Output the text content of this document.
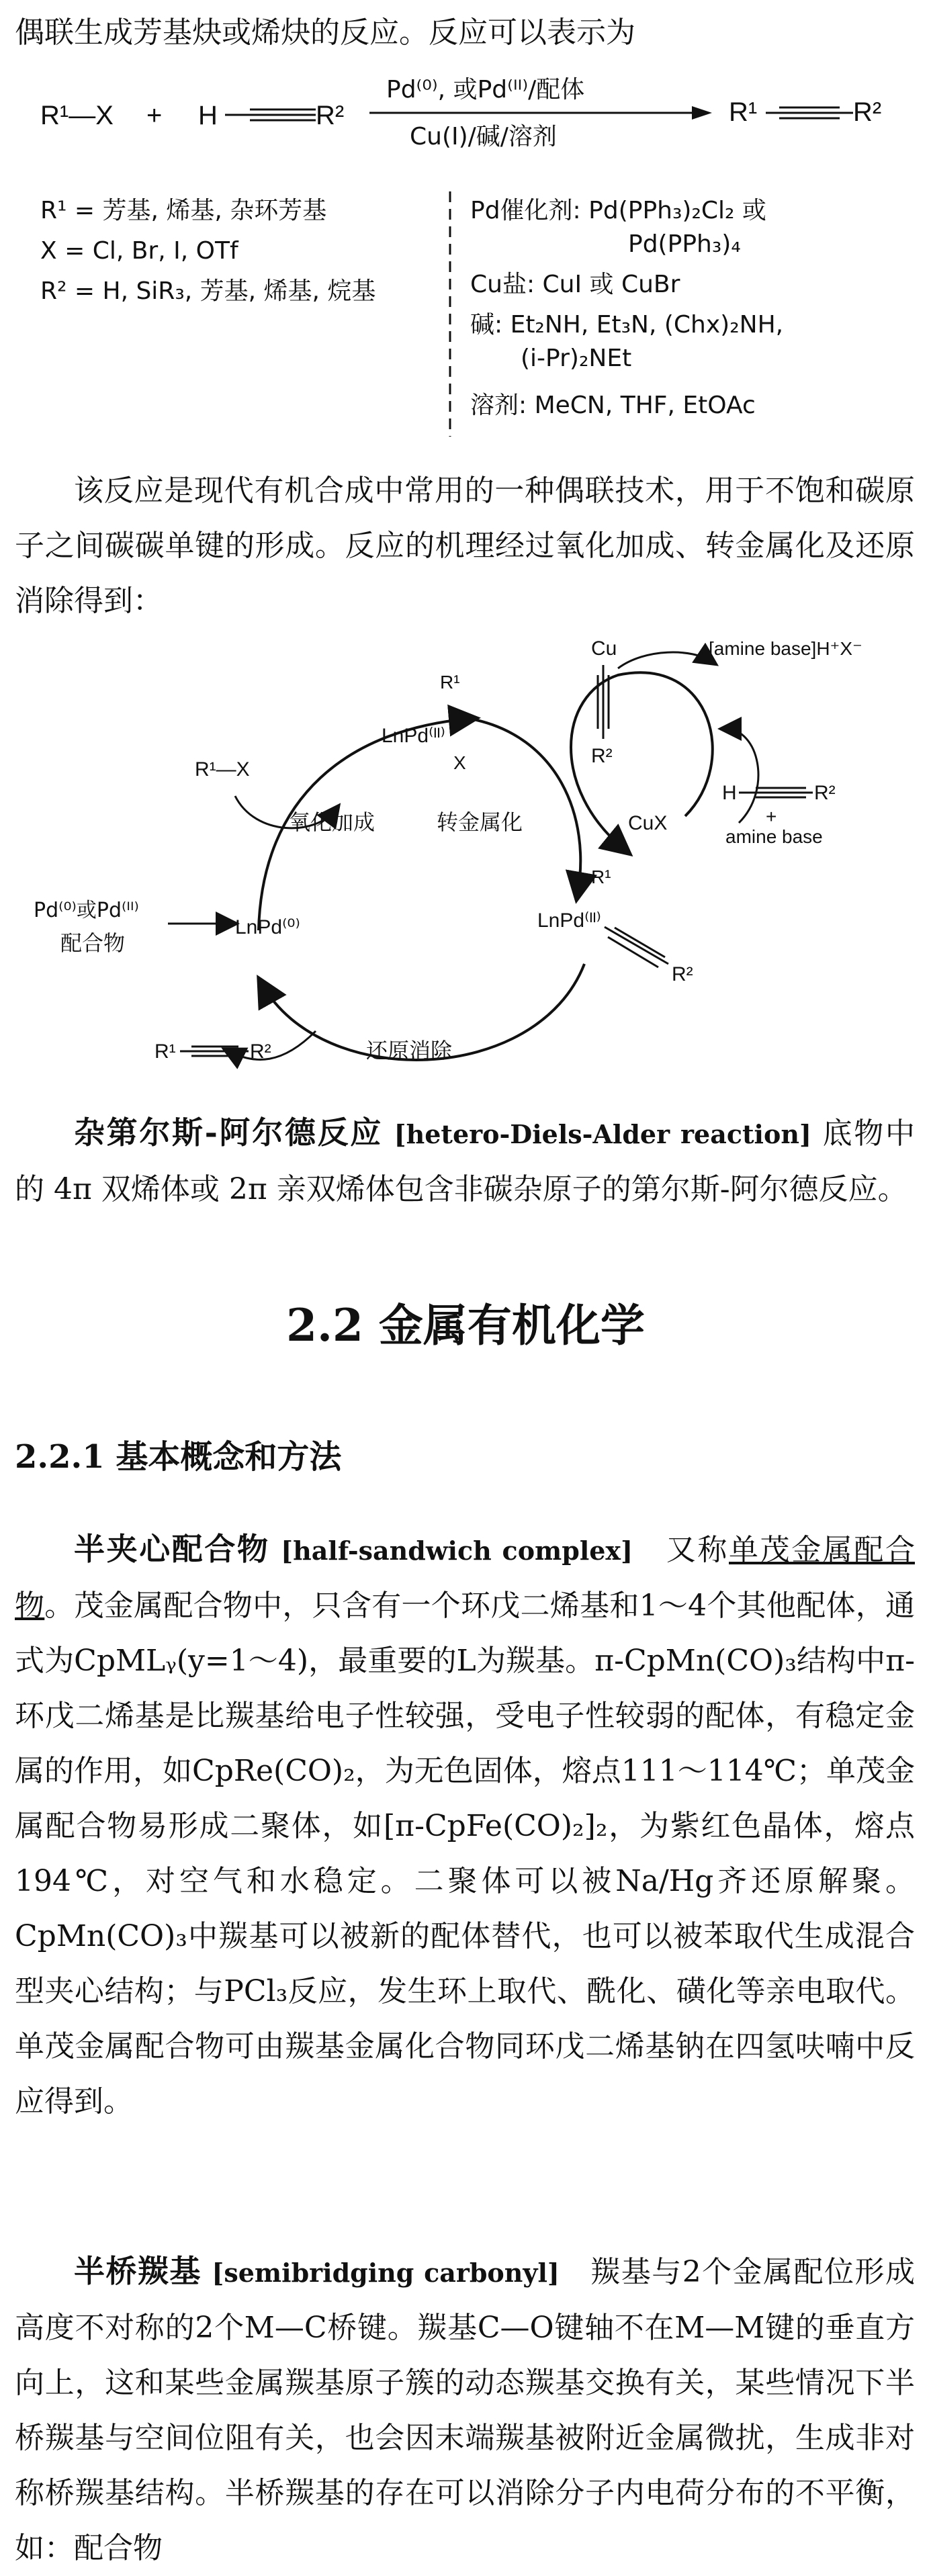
偶联生成芳基炔或烯炔的反应。反应可以表示为

R¹—X + H	R²
Pd⁽⁰⁾, 或Pd⁽ᴵᴵ⁾/配体
Cu(Ⅰ)/碱/溶剂
R¹	R²
R¹ = 芳基, 烯基, 杂环芳基
X = Cl, Br, I, OTf
R² = H, SiR₃, 芳基, 烯基, 烷基
Pd催化剂: Pd(PPh₃)₂Cl₂ 或
Pd(PPh₃)₄
Cu盐: CuI 或 CuBr
碱: Et₂NH, Et₃N, (Chx)₂NH,
(i-Pr)₂NEt
溶剂: MeCN, THF, EtOAc

该反应是现代有机合成中常用的一种偶联技术，用于不饱和碳原子之间碳碳单键的形成。反应的机理经过氧化加成、转金属化及还原消除得到：

Cu
R²
[amine base]H⁺X⁻
R¹—X
R¹
LnPd⁽ᴵᴵ⁾
X
氧化加成	转金属化	CuX
H	R²
+
amine base
Pd⁽⁰⁾或Pd⁽ᴵᴵ⁾
配合物
LnPd⁽⁰⁾
R¹
LnPd⁽ᴵᴵ⁾
R²
还原消除
R¹	R²

杂第尔斯-阿尔德反应 [hetero-Diels-Alder reaction] 底物中的 4π 双烯体或 2π 亲双烯体包含非碳杂原子的第尔斯-阿尔德反应。

2.2 金属有机化学
2.2.1 基本概念和方法

半夹心配合物 [half-sandwich complex] 又称单茂金属配合物。茂金属配合物中，只含有一个环戊二烯基和1～4个其他配体，通式为CpMLᵧ(y=1～4)，最重要的L为羰基。π-CpMn(CO)₃结构中π-环戊二烯基是比羰基给电子性较强，受电子性较弱的配体，有稳定金属的作用，如CpRe(CO)₂，为无色固体，熔点111～114℃；单茂金属配合物易形成二聚体，如[π-CpFe(CO)₂]₂，为紫红色晶体，熔点194℃，对空气和水稳定。二聚体可以被Na/Hg齐还原解聚。CpMn(CO)₃中羰基可以被新的配体替代，也可以被苯取代生成混合型夹心结构；与PCl₃反应，发生环上取代、酰化、磺化等亲电取代。单茂金属配合物可由羰基金属化合物同环戊二烯基钠在四氢呋喃中反应得到。

半桥羰基 [semibridging carbonyl] 羰基与2个金属配位形成高度不对称的2个M—C桥键。羰基C—O键轴不在M—M键的垂直方向上，这和某些金属羰基原子簇的动态羰基交换有关，某些情况下半桥羰基与空间位阻有关，也会因末端羰基被附近金属微扰，生成非对称桥羰基结构。半桥羰基的存在可以消除分子内电荷分布的不平衡，如：配合物
